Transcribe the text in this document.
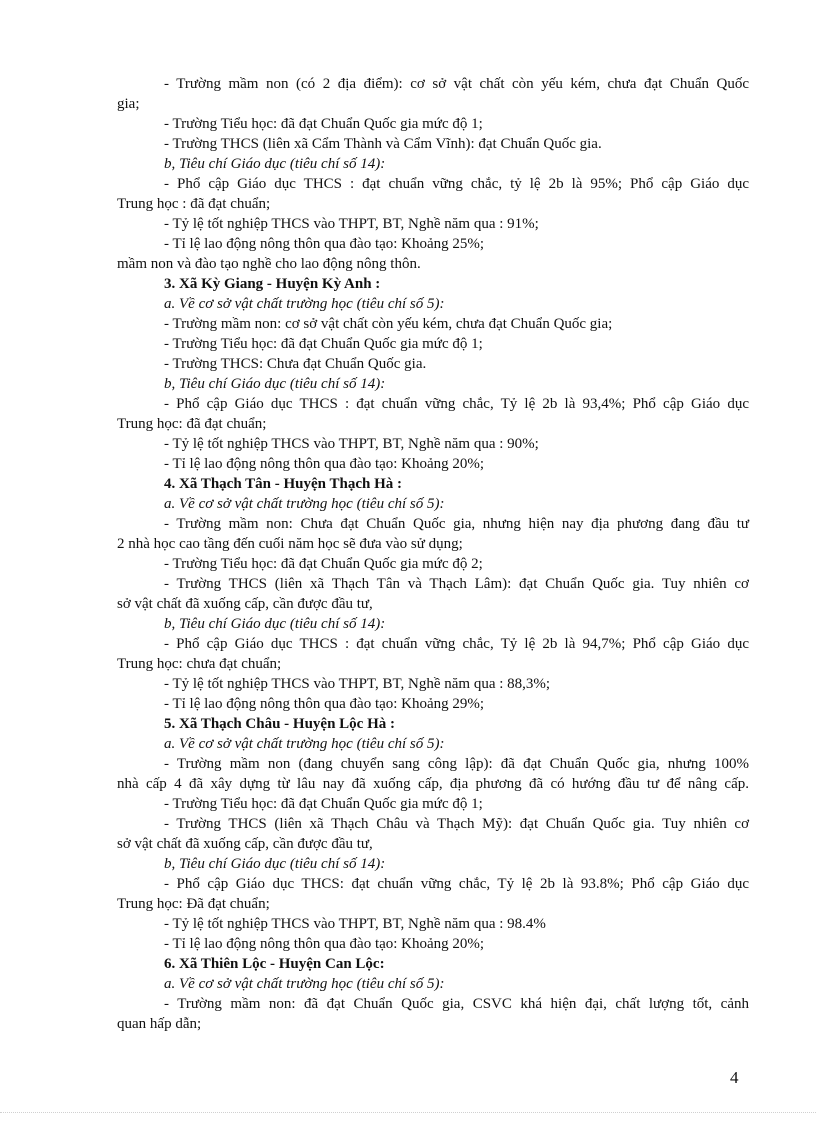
- Trường mầm non (có 2 địa điểm): cơ sở vật chất còn yếu kém, chưa đạt Chuẩn Quốc
gia;
- Trường Tiểu học: đã đạt Chuẩn Quốc gia mức độ 1;
- Trường THCS (liên xã Cẩm Thành và Cẩm Vĩnh): đạt Chuẩn Quốc gia.
b, Tiêu chí Giáo dục (tiêu chí số 14):
- Phổ cập Giáo dục THCS : đạt chuẩn vững chắc, tỷ lệ 2b là 95%; Phổ cập Giáo dục
Trung học : đã đạt chuẩn;
- Tỷ lệ tốt nghiệp THCS vào THPT, BT, Nghề năm qua : 91%;
- Tỉ lệ lao động nông thôn qua đào tạo: Khoảng 25%;
mầm non và đào tạo nghề cho lao động nông thôn.
3. Xã Kỳ Giang - Huyện Kỳ Anh :
a. Về cơ sở vật chất trường học (tiêu chí số 5):
- Trường mầm non: cơ sở vật chất còn yếu kém, chưa đạt Chuẩn Quốc gia;
- Trường Tiểu học: đã đạt Chuẩn Quốc gia mức độ 1;
- Trường THCS: Chưa đạt Chuẩn Quốc gia.
b, Tiêu chí Giáo dục (tiêu chí số 14):
- Phổ cập Giáo dục THCS : đạt chuẩn vững chắc, Tỷ lệ 2b là 93,4%; Phổ cập Giáo dục
Trung học: đã đạt chuẩn;
- Tỷ lệ tốt nghiệp THCS vào THPT, BT, Nghề năm qua : 90%;
- Tỉ lệ lao động nông thôn qua đào tạo: Khoảng 20%;
4. Xã Thạch Tân - Huyện Thạch Hà :
a. Về cơ sở vật chất trường học (tiêu chí số 5):
- Trường mầm non: Chưa đạt Chuẩn Quốc gia, nhưng hiện nay địa phương đang đầu tư
2 nhà học cao tầng đến cuối năm học sẽ đưa vào sử dụng;
- Trường Tiểu học: đã đạt Chuẩn Quốc gia mức độ 2;
- Trường THCS (liên xã Thạch Tân và Thạch Lâm): đạt Chuẩn Quốc gia. Tuy nhiên cơ
sở vật chất đã xuống cấp, cần được đầu tư,
b, Tiêu chí Giáo dục (tiêu chí số 14):
- Phổ cập Giáo dục THCS : đạt chuẩn vững chắc, Tỷ lệ 2b là 94,7%; Phổ cập Giáo dục
Trung học: chưa đạt chuẩn;
- Tỷ lệ tốt nghiệp THCS vào THPT, BT, Nghề năm qua : 88,3%;
- Tỉ lệ lao động nông thôn qua đào tạo: Khoảng 29%;
5. Xã Thạch Châu - Huyện Lộc Hà :
a. Về cơ sở vật chất trường học (tiêu chí số 5):
- Trường mầm non (đang chuyển sang công lập): đã đạt Chuẩn Quốc gia, nhưng 100%
nhà cấp 4 đã xây dựng từ lâu nay đã xuống cấp, địa phương đã có hướng đầu tư để nâng cấp.
- Trường Tiểu học: đã đạt Chuẩn Quốc gia mức độ 1;
- Trường THCS (liên xã Thạch Châu và Thạch Mỹ): đạt Chuẩn Quốc gia. Tuy nhiên cơ
sở vật chất đã xuống cấp, cần được đầu tư,
b, Tiêu chí Giáo dục (tiêu chí số 14):
- Phổ cập Giáo dục THCS: đạt chuẩn vững chắc, Tỷ lệ 2b là 93.8%; Phổ cập Giáo dục
Trung học: Đã đạt chuẩn;
- Tỷ lệ tốt nghiệp THCS vào THPT, BT, Nghề năm qua : 98.4%
- Tỉ lệ lao động nông thôn qua đào tạo: Khoảng 20%;
6. Xã Thiên Lộc - Huyện Can Lộc:
a. Về cơ sở vật chất trường học (tiêu chí số 5):
- Trường mầm non: đã đạt Chuẩn Quốc gia, CSVC khá hiện đại, chất lượng tốt, cảnh
quan hấp dẫn;
4
